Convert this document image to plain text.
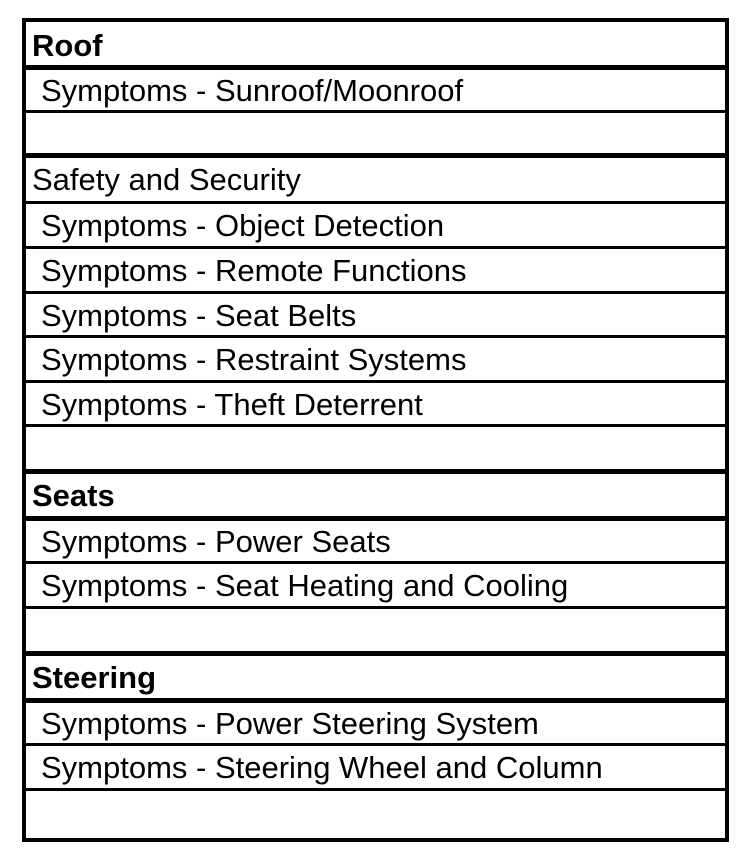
Roof
Symptoms - Sunroof/Moonroof
Safety and Security
Symptoms - Object Detection
Symptoms - Remote Functions
Symptoms - Seat Belts
Symptoms - Restraint Systems
Symptoms - Theft Deterrent
Seats
Symptoms - Power Seats
Symptoms - Seat Heating and Cooling
Steering
Symptoms - Power Steering System
Symptoms - Steering Wheel and Column
